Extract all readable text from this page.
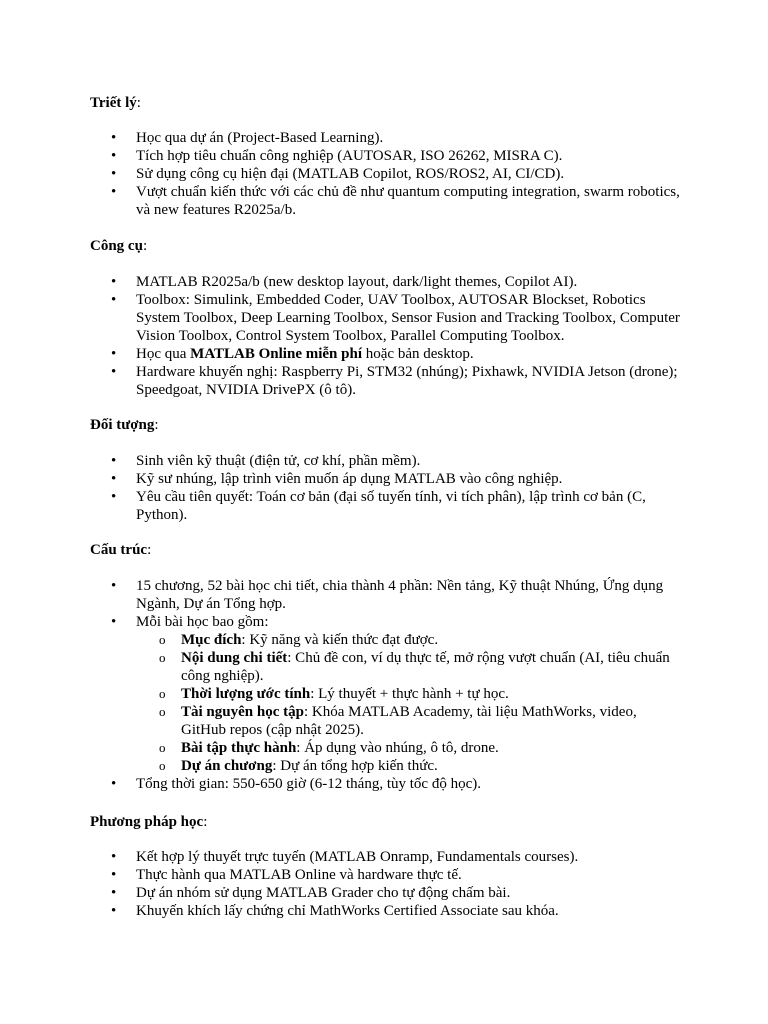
Triết lý:

• Học qua dự án (Project-Based Learning).
• Tích hợp tiêu chuẩn công nghiệp (AUTOSAR, ISO 26262, MISRA C).
• Sử dụng công cụ hiện đại (MATLAB Copilot, ROS/ROS2, AI, CI/CD).
• Vượt chuẩn kiến thức với các chủ đề như quantum computing integration, swarm robotics, và new features R2025a/b.

Công cụ:

• MATLAB R2025a/b (new desktop layout, dark/light themes, Copilot AI).
• Toolbox: Simulink, Embedded Coder, UAV Toolbox, AUTOSAR Blockset, Robotics System Toolbox, Deep Learning Toolbox, Sensor Fusion and Tracking Toolbox, Computer Vision Toolbox, Control System Toolbox, Parallel Computing Toolbox.
• Học qua MATLAB Online miễn phí hoặc bản desktop.
• Hardware khuyến nghị: Raspberry Pi, STM32 (nhúng); Pixhawk, NVIDIA Jetson (drone); Speedgoat, NVIDIA DrivePX (ô tô).

Đối tượng:

• Sinh viên kỹ thuật (điện tử, cơ khí, phần mềm).
• Kỹ sư nhúng, lập trình viên muốn áp dụng MATLAB vào công nghiệp.
• Yêu cầu tiên quyết: Toán cơ bản (đại số tuyến tính, vi tích phân), lập trình cơ bản (C, Python).

Cấu trúc:

• 15 chương, 52 bài học chi tiết, chia thành 4 phần: Nền tảng, Kỹ thuật Nhúng, Ứng dụng Ngành, Dự án Tổng hợp.
• Mỗi bài học bao gồm:
o Mục đích: Kỹ năng và kiến thức đạt được.
o Nội dung chi tiết: Chủ đề con, ví dụ thực tế, mở rộng vượt chuẩn (AI, tiêu chuẩn công nghiệp).
o Thời lượng ước tính: Lý thuyết + thực hành + tự học.
o Tài nguyên học tập: Khóa MATLAB Academy, tài liệu MathWorks, video, GitHub repos (cập nhật 2025).
o Bài tập thực hành: Áp dụng vào nhúng, ô tô, drone.
o Dự án chương: Dự án tổng hợp kiến thức.
• Tổng thời gian: 550-650 giờ (6-12 tháng, tùy tốc độ học).

Phương pháp học:

• Kết hợp lý thuyết trực tuyến (MATLAB Onramp, Fundamentals courses).
• Thực hành qua MATLAB Online và hardware thực tế.
• Dự án nhóm sử dụng MATLAB Grader cho tự động chấm bài.
• Khuyến khích lấy chứng chỉ MathWorks Certified Associate sau khóa.
